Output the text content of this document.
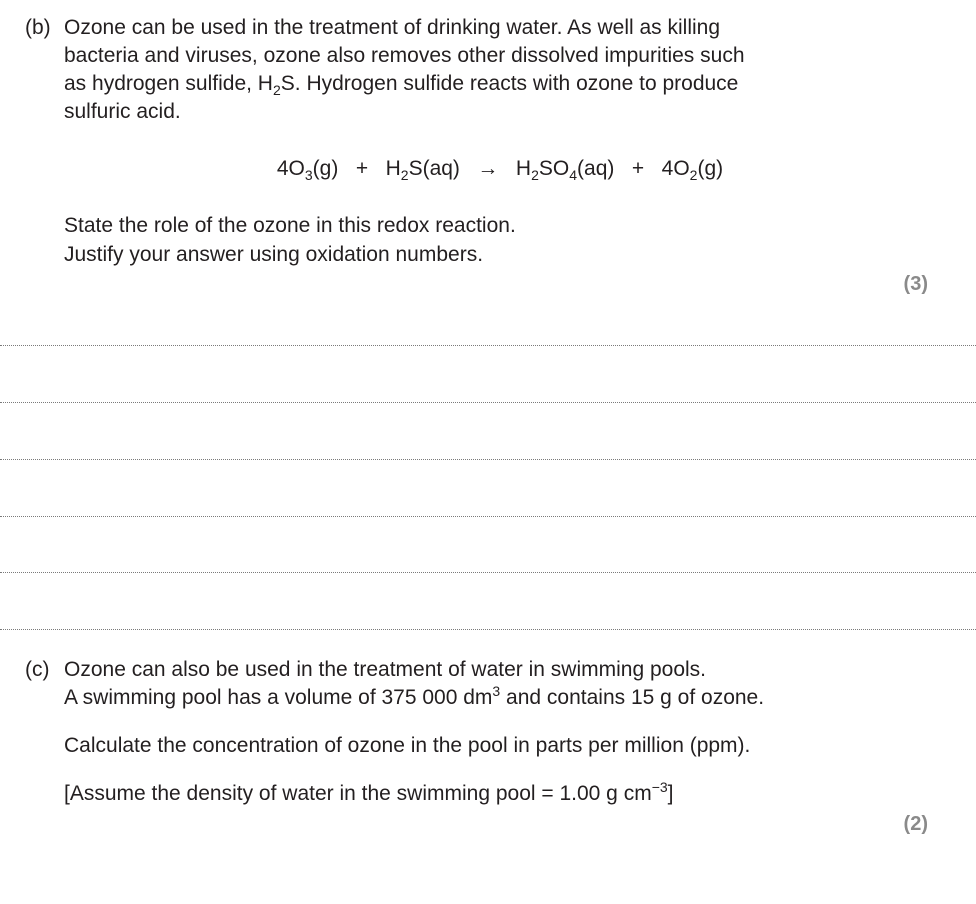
(b) Ozone can be used in the treatment of drinking water. As well as killing
bacteria and viruses, ozone also removes other dissolved impurities such
as hydrogen sulfide, $H_2S$. Hydrogen sulfide reacts with ozone to produce
sulfuric acid.
$4O_3(g) + H_2S(aq) \to H_2SO_4(aq) + 4O_2(g)$
State the role of the ozone in this redox reaction.
Justify your answer using oxidation numbers.
(3)
(c) Ozone can also be used in the treatment of water in swimming pools.
A swimming pool has a volume of 375 000 $dm^3$ and contains 15 g of ozone.
Calculate the concentration of ozone in the pool in parts per million (ppm).
[Assume the density of water in the swimming pool = 1.00 g $cm^{-3}$]
(2)
